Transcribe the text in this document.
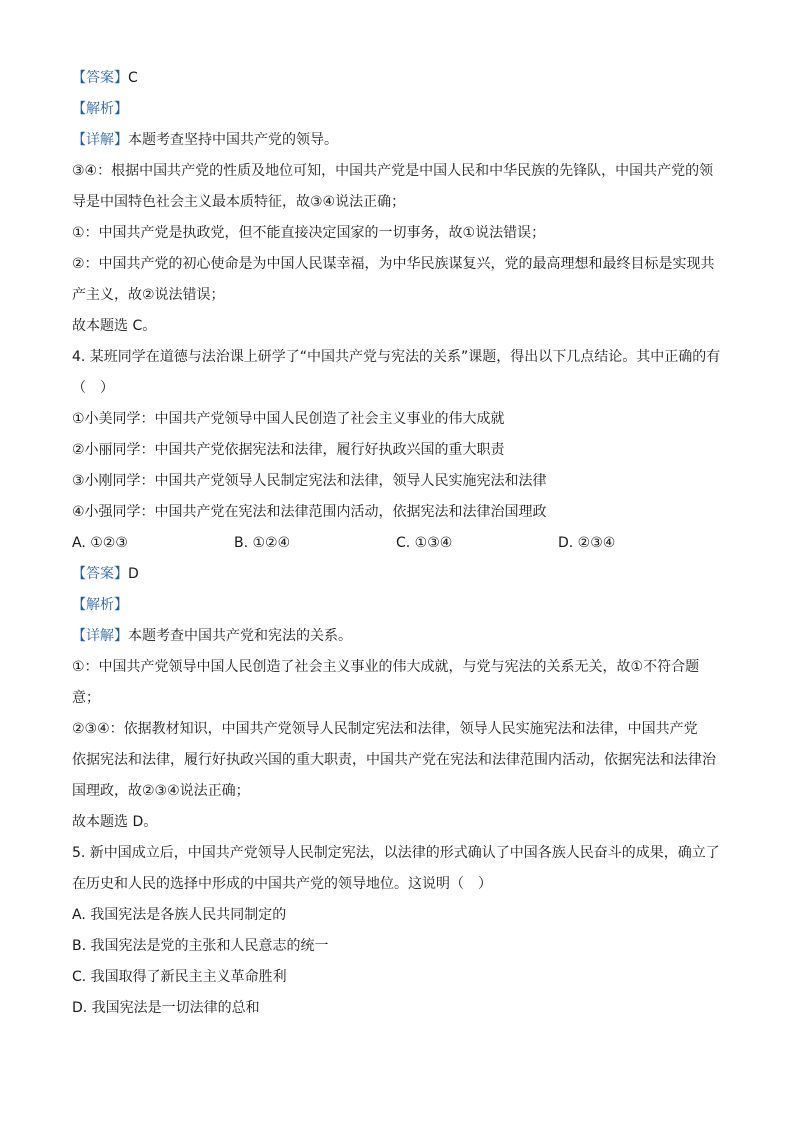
【答案】C
【解析】
【详解】本题考查坚持中国共产党的领导。
③④：根据中国共产党的性质及地位可知，中国共产党是中国人民和中华民族的先锋队，中国共产党的领
导是中国特色社会主义最本质特征，故③④说法正确；
①：中国共产党是执政党，但不能直接决定国家的一切事务，故①说法错误；
②：中国共产党的初心使命是为中国人民谋幸福，为中华民族谋复兴，党的最高理想和最终目标是实现共
产主义，故②说法错误；
故本题选 C。
4. 某班同学在道德与法治课上研学了“中国共产党与宪法的关系”课题，得出以下几点结论。其中正确的有
（　）
①小美同学：中国共产党领导中国人民创造了社会主义事业的伟大成就
②小丽同学：中国共产党依据宪法和法律，履行好执政兴国的重大职责
③小刚同学：中国共产党领导人民制定宪法和法律，领导人民实施宪法和法律
④小强同学：中国共产党在宪法和法律范围内活动，依据宪法和法律治国理政
A. ①②③	B. ①②④	C. ①③④	D. ②③④
【答案】D
【解析】
【详解】本题考查中国共产党和宪法的关系。
①：中国共产党领导中国人民创造了社会主义事业的伟大成就，与党与宪法的关系无关，故①不符合题
意；
②③④：依据教材知识，中国共产党领导人民制定宪法和法律，领导人民实施宪法和法律，中国共产党
依据宪法和法律，履行好执政兴国的重大职责，中国共产党在宪法和法律范围内活动，依据宪法和法律治
国理政，故②③④说法正确；
故本题选 D。
5. 新中国成立后，中国共产党领导人民制定宪法，以法律的形式确认了中国各族人民奋斗的成果，确立了
在历史和人民的选择中形成的中国共产党的领导地位。这说明（　）
A. 我国宪法是各族人民共同制定的
B. 我国宪法是党的主张和人民意志的统一
C. 我国取得了新民主主义革命胜利
D. 我国宪法是一切法律的总和
